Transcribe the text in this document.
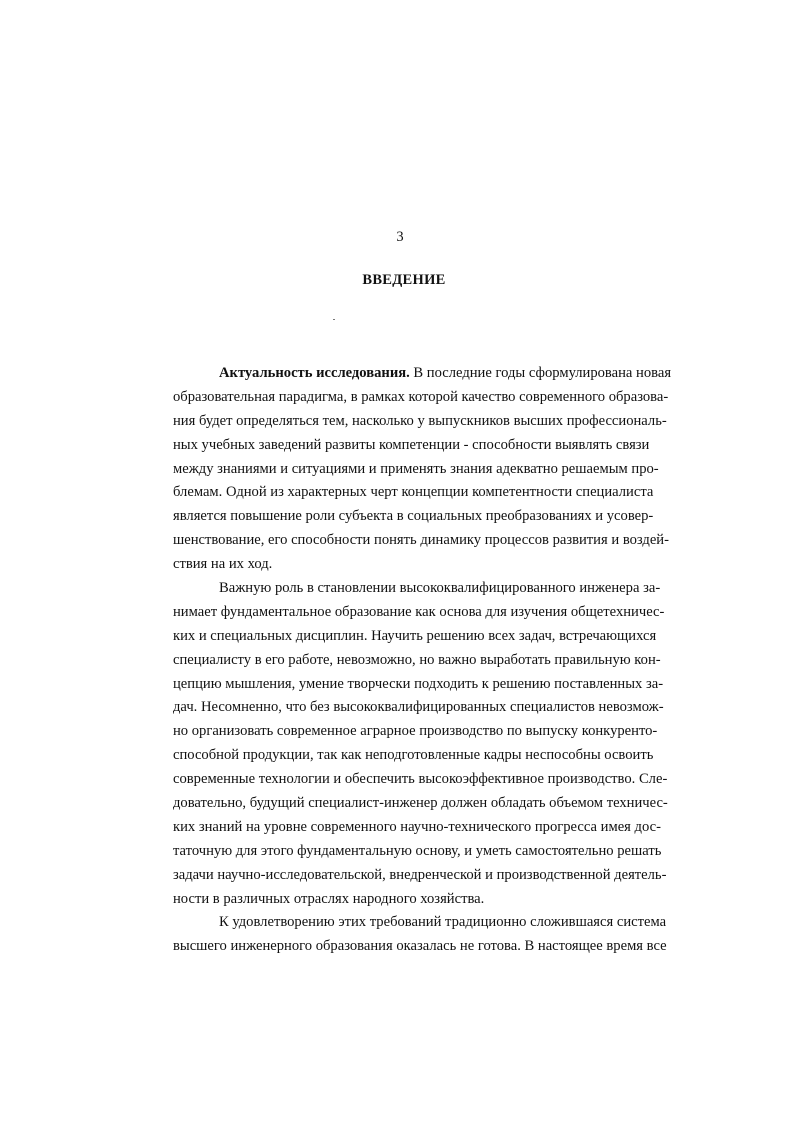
3
ВВЕДЕНИЕ
Актуальность исследования. В последние годы сформулирована новая
образовательная парадигма, в рамках которой качество современного образова-
ния будет определяться тем, насколько у выпускников высших профессиональ-
ных учебных заведений развиты компетенции - способности выявлять связи
между знаниями и ситуациями и применять знания адекватно решаемым про-
блемам. Одной из характерных черт концепции компетентности специалиста
является повышение роли субъекта в социальных преобразованиях и усовер-
шенствование, его способности понять динамику процессов развития и воздей-
ствия на их ход.
Важную роль в становлении высококвалифицированного инженера за-
нимает фундаментальное образование как основа для изучения общетехничес-
ких и специальных дисциплин. Научить решению всех задач, встречающихся
специалисту в его работе, невозможно, но важно выработать правильную кон-
цепцию мышления, умение творчески подходить к решению поставленных за-
дач. Несомненно, что без высококвалифицированных специалистов невозмож-
но организовать современное аграрное производство по выпуску конкуренто-
способной продукции, так как неподготовленные кадры неспособны освоить
современные технологии и обеспечить высокоэффективное производство. Сле-
довательно, будущий специалист-инженер должен обладать объемом техничес-
ких знаний на уровне современного научно-технического прогресса имея дос-
таточную для этого фундаментальную основу, и уметь самостоятельно решать
задачи научно-исследовательской, внедренческой и производственной деятель-
ности в различных отраслях народного хозяйства.
К удовлетворению этих требований традиционно сложившаяся система
высшего инженерного образования оказалась не готова. В настоящее время все
